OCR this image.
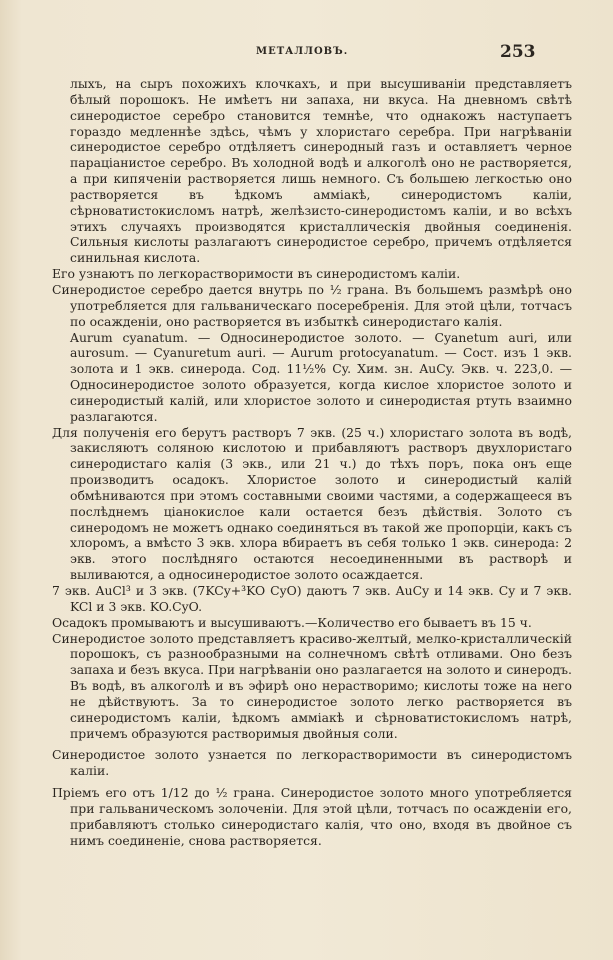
МЕТАЛЛОВЪ.	253

лыхъ, на сыръ похожихъ клочкахъ, и при высушиванiи представляетъ бѣлый порошокъ. Не имѣетъ ни запаха, ни вкуса. На дневномъ свѣтѣ синеродистое серебро становится темнѣе, что однакожъ наступаетъ гораздо медленнѣе здѣсь, чѣмъ у хлористаго серебра. При нагрѣванiи синеродистое серебро отдѣляетъ синеродный газъ и оставляетъ черное парацiанистое серебро. Въ холодной водѣ и алкоголѣ оно не растворяется, а при кипяченiи растворяется лишь немного. Съ большею легкостью оно растворяется въ ѣдкомъ амміакѣ, синеродистомъ калiи, сѣрноватистокисломъ натрѣ, желѣзисто-синеродистомъ калiи, и во всѣхъ этихъ случаяхъ производятся кристаллическiя двойныя соединенiя. Сильныя кислоты разлагаютъ синеродистое серебро, причемъ отдѣляется синильная кислота.

Его узнаютъ по легкорастворимости въ синеродистомъ калiи.

Синеродистое серебро дается внутрь по ½ грана. Въ большемъ размѣрѣ оно употребляется для гальваническаго посеребренiя. Для этой цѣли, тотчасъ по осажденiи, оно растворяется въ избыткѣ синеродистаго калiя.

Aurum cyanatum. — Односинеродистое золото. — Cyanetum auri, или aurosum. — Cyanuretum auri. — Aurum protocyanatum. — Сост. изъ 1 экв. золота и 1 экв. синерода. Сод. 11½% Cy. Хим. зн. AuCy. Экв. ч. 223,0. — Односинеродистое золото образуется, когда кислое хлористое золото и синеродистый калiй, или хлористое золото и синеродистая ртуть взаимно разлагаются.

Для полученiя его берутъ растворъ 7 экв. (25 ч.) хлористаго золота въ водѣ, закисляютъ соляною кислотою и прибавляютъ растворъ двухлористаго синеродистаго калiя (3 экв., или 21 ч.) до тѣхъ поръ, пока онъ еще производитъ осадокъ. Хлористое золото и синеродистый калiй обмѣниваются при этомъ составными своими частями, а содержащееся въ послѣднемъ цiанокислое кали остается безъ дѣйствiя. Золото съ синеродомъ не можетъ однако соединяться въ такой же пропорцiи, какъ съ хлоромъ, а вмѣсто 3 экв. хлора вбираетъ въ себя только 1 экв. синерода: 2 экв. этого послѣдняго остаются несоединенными въ растворѣ и выливаются, а односинеродистое золото осаждается.

7 экв. AuCl³ и 3 экв. (7KCy+³KO CyO) даютъ 7 экв. AuCy и 14 экв. Cy и 7 экв. KCl и 3 экв. KO.CyO.

Осадокъ промываютъ и высушиваютъ.—Количество его бываетъ въ 15 ч.

Синеродистое золото представляетъ красиво-желтый, мелко-кристаллическiй порошокъ, съ разнообразными на солнечномъ свѣтѣ отливами. Оно безъ запаха и безъ вкуса. При нагрѣванiи оно разлагается на золото и синеродъ. Въ водѣ, въ алкоголѣ и въ эфирѣ оно нерастворимо; кислоты тоже на него не дѣйствуютъ. За то синеродистое золото легко растворяется въ синеродистомъ калiи, ѣдкомъ амміакѣ и сѣрноватистокисломъ натрѣ, причемъ образуются растворимыя двойныя соли.

Синеродистое золото узнается по легкорастворимости въ синеродистомъ калiи.

Прiемъ его отъ 1/12 до ½ грана. Синеродистое золото много употребляется при гальваническомъ золоченiи. Для этой цѣли, тотчасъ по осажденiи его, прибавляютъ столько синеродистаго калiя, что оно, входя въ двойное съ нимъ соединенiе, снова растворяется.
